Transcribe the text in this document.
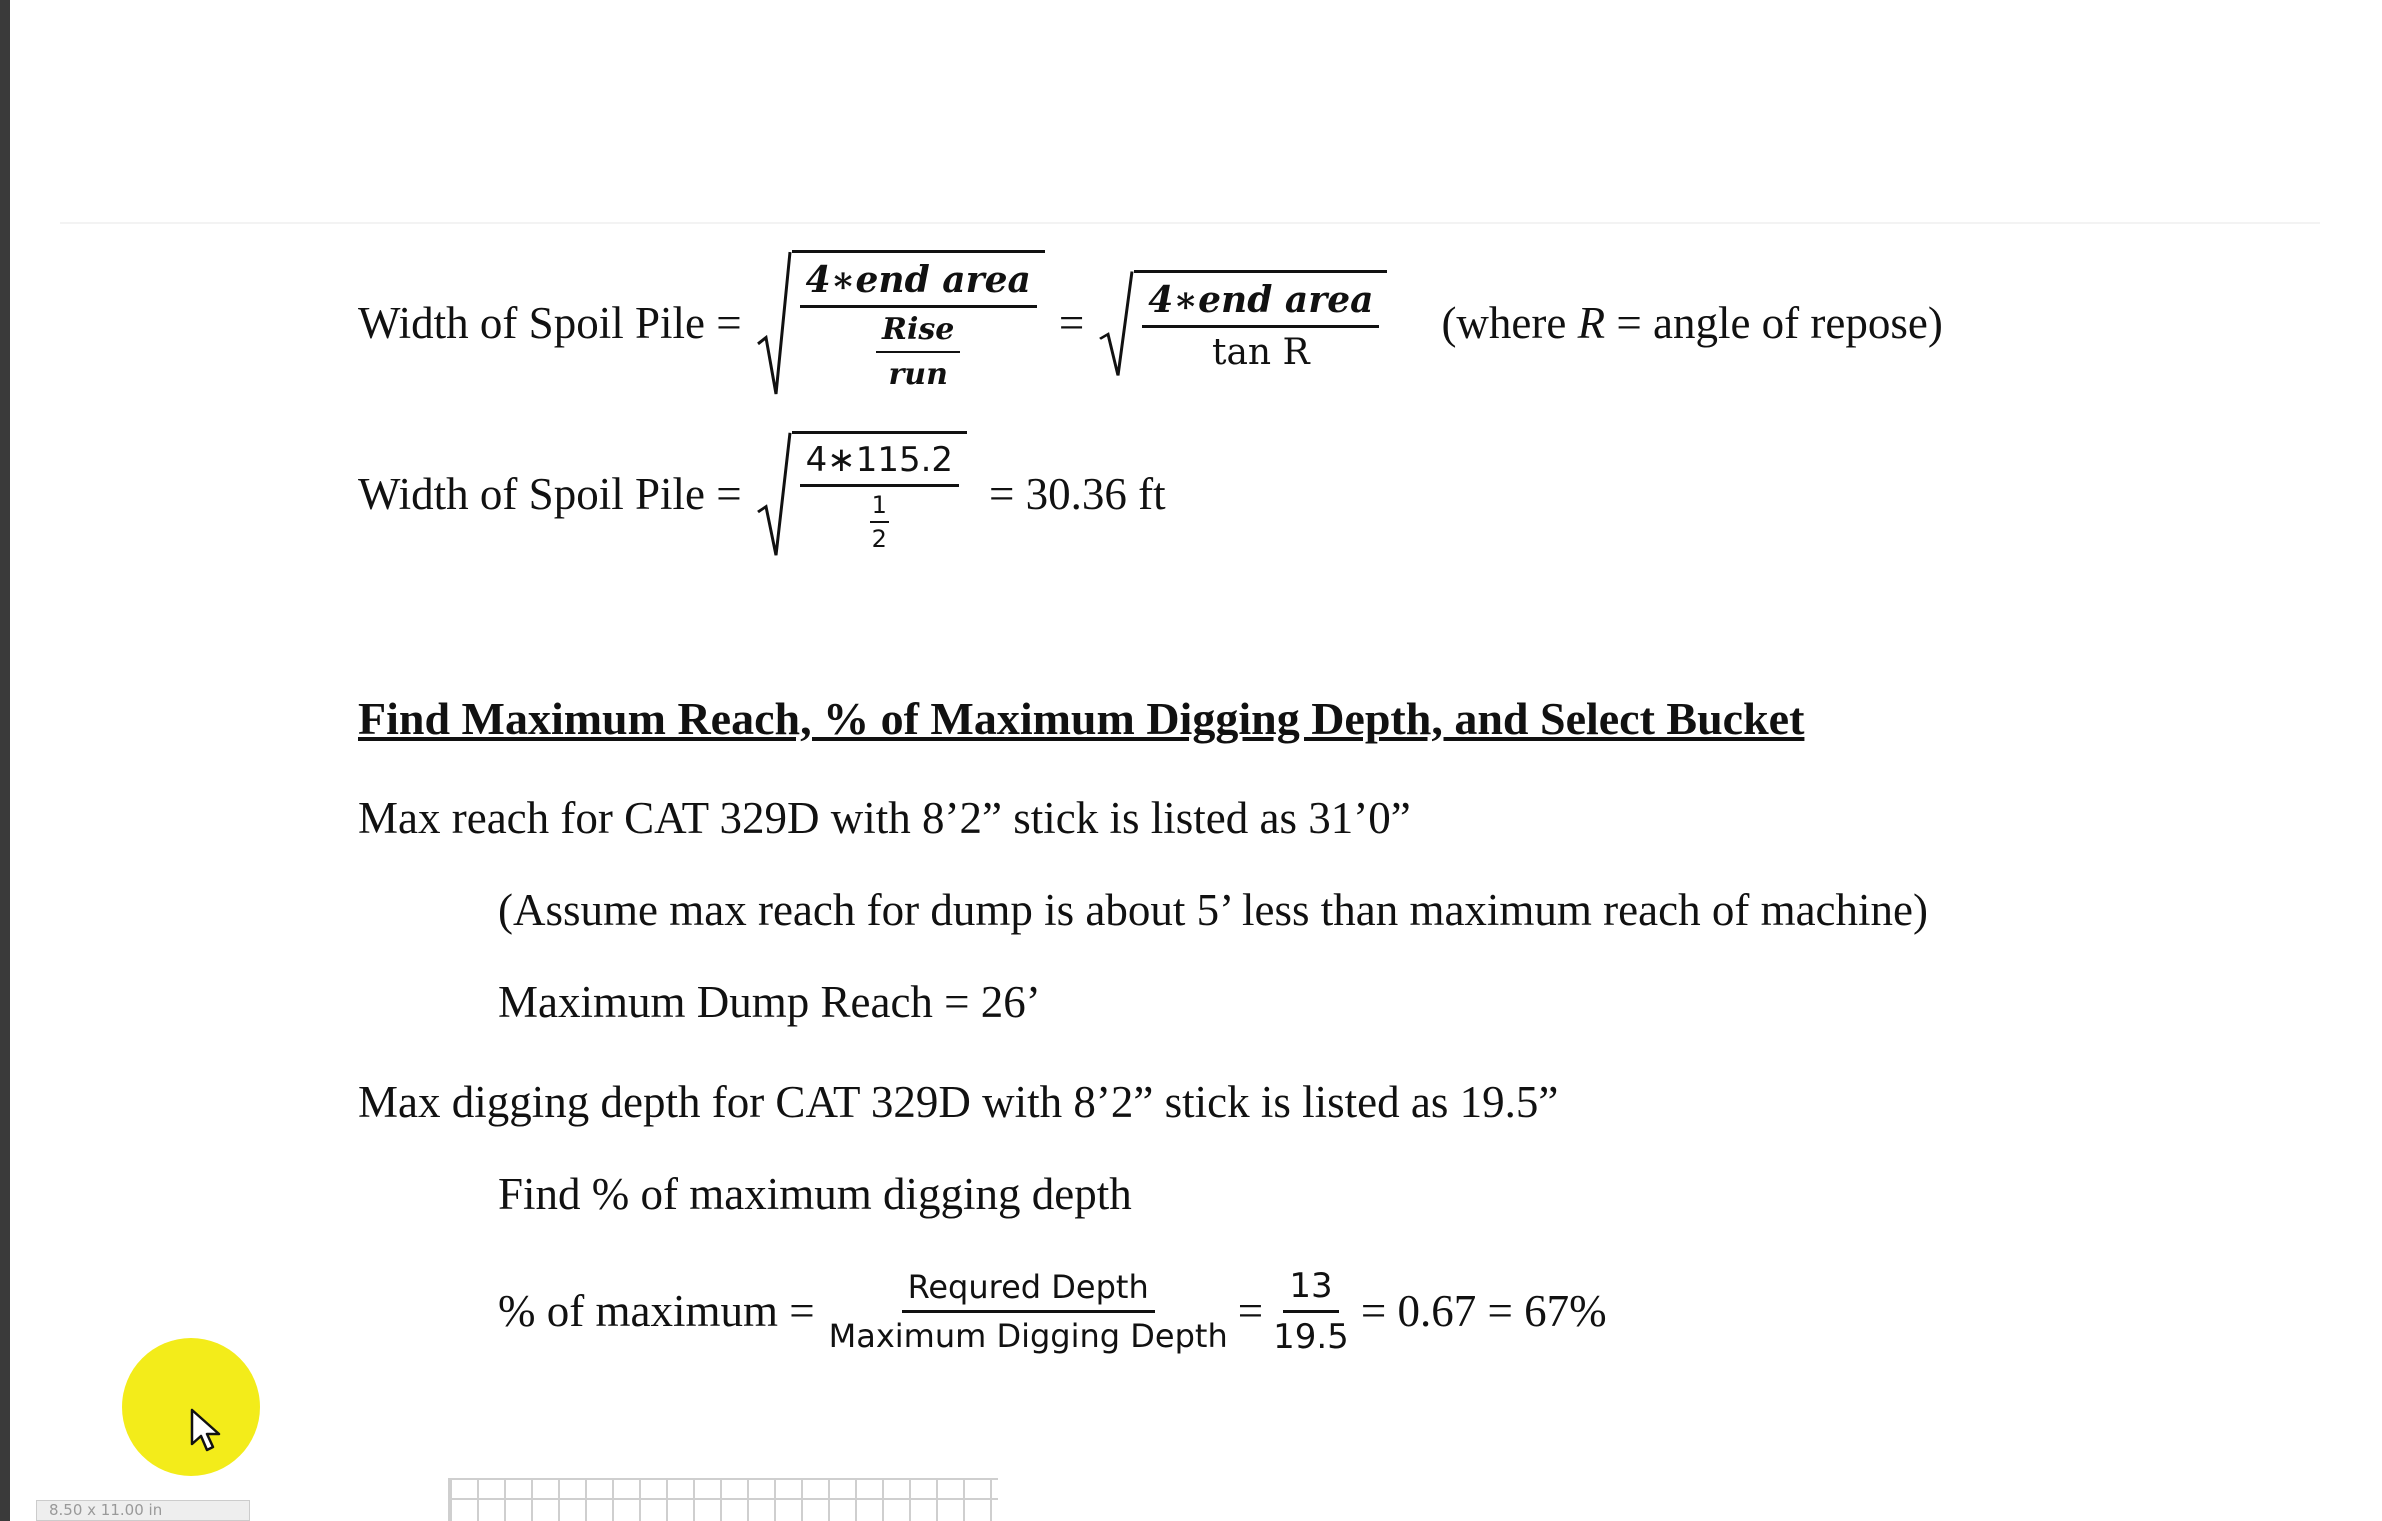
Width of Spoil Pile = $\frac{\text{4∗end area}}{\frac{\text{Rise}}{\text{run}}} = \frac{\text{4∗end area}}{\text{tan R}}$ (where R = angle of repose)
Width of Spoil Pile = $\frac{4∗115.2}{\frac{1}{2}} = 30.36$ ft
Find Maximum Reach, % of Maximum Digging Depth, and Select Bucket
Max reach for CAT 329D with 8’2” stick is listed as 31’0”
(Assume max reach for dump is about 5’ less than maximum reach of machine)
Maximum Dump Reach = 26’
Max digging depth for CAT 329D with 8’2” stick is listed as 19.5”
Find % of maximum digging depth
% of maximum = $\frac{\text{Requred Depth}}{\text{Maximum Digging Depth}} = \frac{13}{19.5} = 0.67 = 67\%$
8.50 x 11.00 in
